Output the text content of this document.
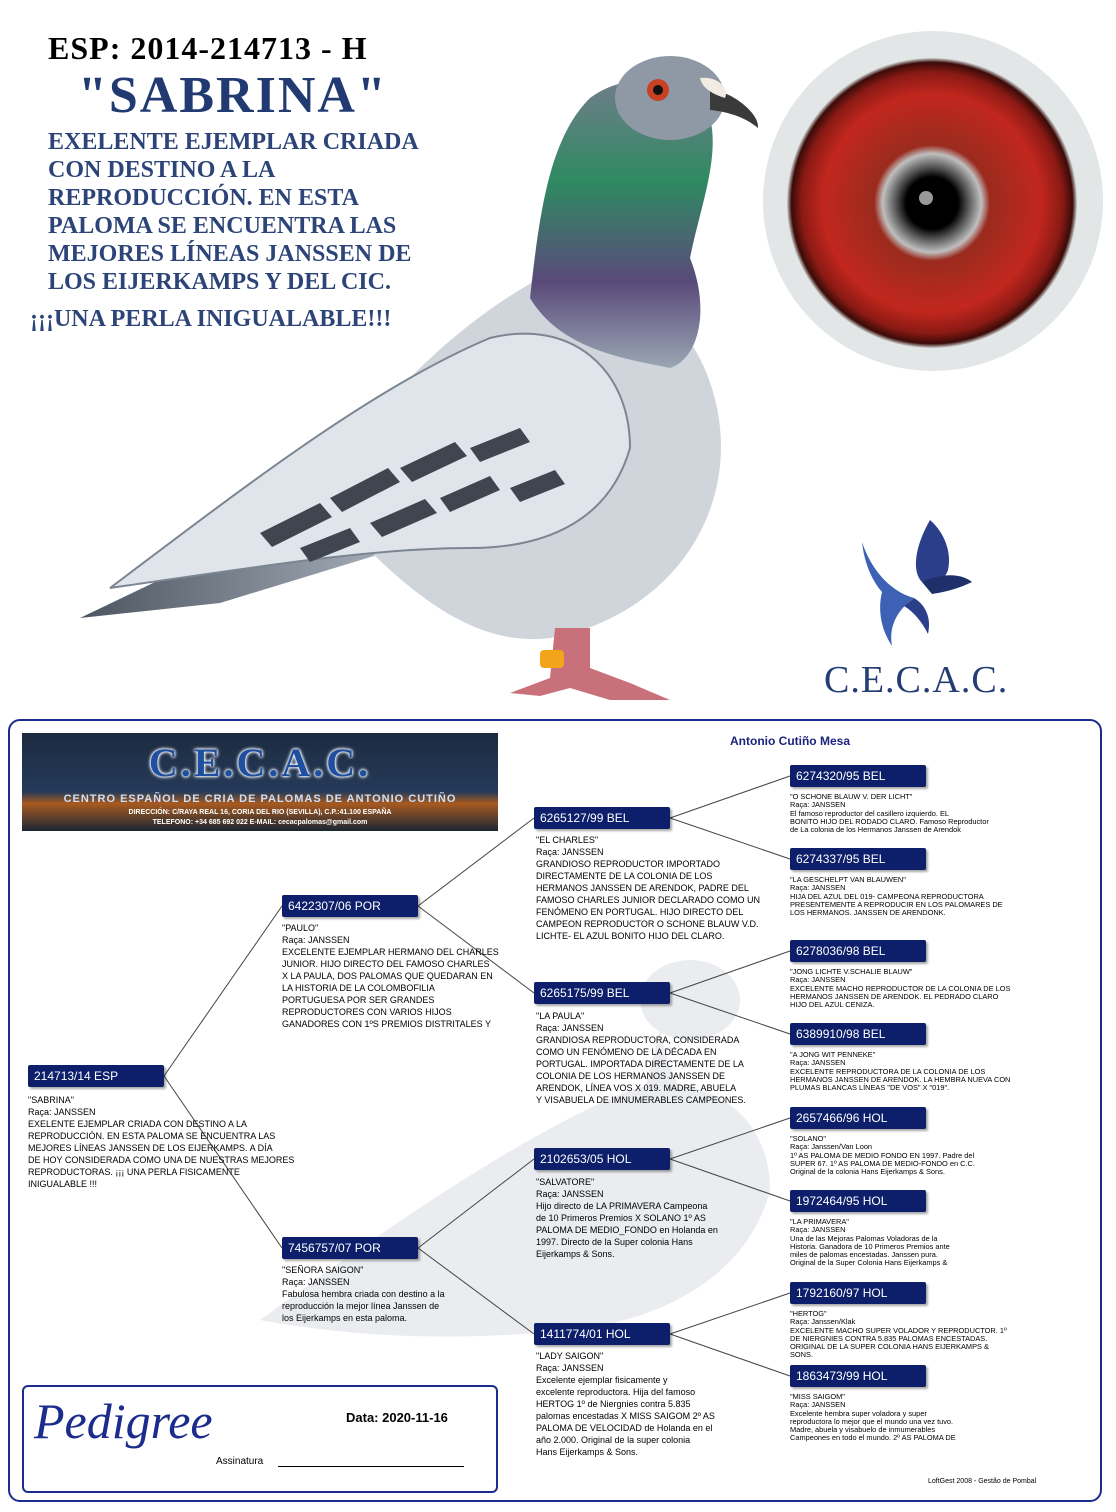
ESP: 2014-214713 - H
"SABRINA"
EXELENTE EJEMPLAR CRIADA
CON DESTINO A LA
REPRODUCCIÓN. EN ESTA
PALOMA SE ENCUENTRA LAS
MEJORES LÍNEAS JANSSEN DE
LOS EIJERKAMPS Y DEL CIC.
¡¡¡UNA PERLA INIGUALABLE!!!
C.E.C.A.C.
C.E.C.A.C.
CENTRO ESPAÑOL DE CRIA DE PALOMAS DE ANTONIO CUTIÑO
DIRECCIÓN: C/RAYA REAL 16, CORIA DEL RIO (SEVILLA), C.P.:41.100 ESPAÑA
TELEFONO: +34 685 692 022 E-MAIL: cecacpalomas@gmail.com
Antonio Cutiño Mesa
214713/14 ESP
"SABRINA"
Raça: JANSSEN
EXELENTE EJEMPLAR CRIADA CON DESTINO A LA
REPRODUCCIÓN. EN ESTA PALOMA SE ENCUENTRA LAS
MEJORES LÍNEAS JANSSEN DE LOS EIJERKAMPS. A DÍA
DE HOY CONSIDERADA COMO UNA DE NUESTRAS MEJORES
REPRODUCTORAS. ¡¡¡ UNA PERLA FISICAMENTE
INIGUALABLE !!!
6422307/06 POR
"PAULO"
Raça: JANSSEN
EXCELENTE EJEMPLAR HERMANO DEL CHARLES
JUNIOR. HIJO DIRECTO DEL FAMOSO CHARLES
X LA PAULA, DOS PALOMAS QUE QUEDARAN EN
LA HISTORIA DE LA COLOMBOFILIA
PORTUGUESA POR SER GRANDES
REPRODUCTORES CON VARIOS HIJOS
GANADORES CON 1ºS PREMIOS DISTRITALES Y
7456757/07 POR
"SEÑORA SAIGON"
Raça: JANSSEN
Fabulosa hembra criada con destino a la
reproducción la mejor línea Janssen de
los Eijerkamps en esta paloma.
6265127/99 BEL
"EL CHARLES"
Raça: JANSSEN
GRANDIOSO REPRODUCTOR IMPORTADO
DIRECTAMENTE DE LA COLONIA DE LOS
HERMANOS JANSSEN DE ARENDOK, PADRE DEL
FAMOSO CHARLES JUNIOR DECLARADO COMO UN
FENÓMENO EN PORTUGAL. HIJO DIRECTO DEL
CAMPEON REPRODUCTOR O SCHONE BLAUW V.D.
LICHTE- EL AZUL BONITO HIJO DEL CLARO.
6265175/99 BEL
"LA PAULA"
Raça: JANSSEN
GRANDIOSA REPRODUCTORA, CONSIDERADA
COMO UN FENÓMENO DE LA DÉCADA EN
PORTUGAL. IMPORTADA DIRECTAMENTE DE LA
COLONIA DE LOS HERMANOS JANSSEN DE
ARENDOK, LÍNEA VOS X 019. MADRE, ABUELA
Y VISABUELA DE IMNUMERABLES CAMPEONES.
2102653/05 HOL
"SALVATORE"
Raça: JANSSEN
Hijo directo de LA PRIMAVERA Campeona
de 10 Primeros Premios X SOLANO 1º AS
PALOMA DE MEDIO_FONDO en Holanda en
1997. Directo de la Super colonia Hans
Eijerkamps & Sons.
1411774/01 HOL
"LADY SAIGON"
Raça: JANSSEN
Excelente ejemplar fisicamente y
excelente reproductora. Hija del famoso
HERTOG 1º de Niergnies contra 5.835
palomas encestadas X MISS SAIGOM 2º AS
PALOMA DE VELOCIDAD de Holanda en el
año 2.000. Original de la super colonia
Hans Eijerkamps & Sons.
6274320/95 BEL
"O SCHONE BLAUW V. DER LICHT"
Raça: JANSSEN
El famoso reproductor del casillero izquierdo. EL
BONITO HIJO DEL RODADO CLARO. Famoso Reproductor
de La colonia de los Hermanos Janssen de Arendok
6274337/95 BEL
"LA GESCHELPT VAN BLAUWEN"
Raça: JANSSEN
HIJA DEL AZUL DEL 019- CAMPEONA REPRODUCTORA
PRESENTEMENTE A REPRODUCIR EN LOS PALOMARES DE
LOS HERMANOS. JANSSEN DE ARENDONK.
6278036/98 BEL
"JONG LICHTE V.SCHALIE BLAUW"
Raça: JANSSEN
EXCELENTE MACHO REPRODUCTOR DE LA COLONIA DE LOS
HERMANOS JANSSEN DE ARENDOK. EL PEDRADO CLARO
HIJO DEL AZUL CENIZA.
6389910/98 BEL
"A JONG WIT PENNEKE"
Raça: JANSSEN
EXCELENTE REPRODUCTORA DE LA COLONIA DE LOS
HERMANOS JANSSEN DE ARENDOK. LA HEMBRA NUEVA CON
PLUMAS BLANCAS LÍNEAS "DE VOS" X "019".
2657466/96 HOL
"SOLANO"
Raça: Janssen/Van Loon
1º AS PALOMA DE MEDIO FONDO EN 1997. Padre del
SUPER 67. 1º AS PALOMA DE MEDIO-FONDO en C.C.
Original de la colonia Hans Eijerkamps & Sons.
1972464/95 HOL
"LA PRIMAVERA"
Raça: JANSSEN
Una de las Mejoras Palomas Voladoras de la
Historia. Ganadora de 10 Primeros Premios ante
miles de palomas encestadas. Janssen pura.
Original de la Super Colonia Hans Eijerkamps &
1792160/97 HOL
"HERTOG"
Raça: Janssen/Klak
EXCELENTE MACHO SUPER VOLADOR Y REPRODUCTOR. 1º
DE NIERGNIES CONTRA 5.835 PALOMAS ENCESTADAS.
ORIGINAL DE LA SUPER COLONIA HANS EIJERKAMPS &
SONS.
1863473/99 HOL
"MISS SAIGOM"
Raça: JANSSEN
Excelente hembra super voladora y super
reproductora lo mejor que el mundo una vez tuvo.
Madre, abuela y visabuelo de inmumerables
Campeones en todo el mundo. 2º AS PALOMA DE
Pedigree	Data: 2020-11-16
Assinatura
LoftGest 2008 - Gestão de Pombal
